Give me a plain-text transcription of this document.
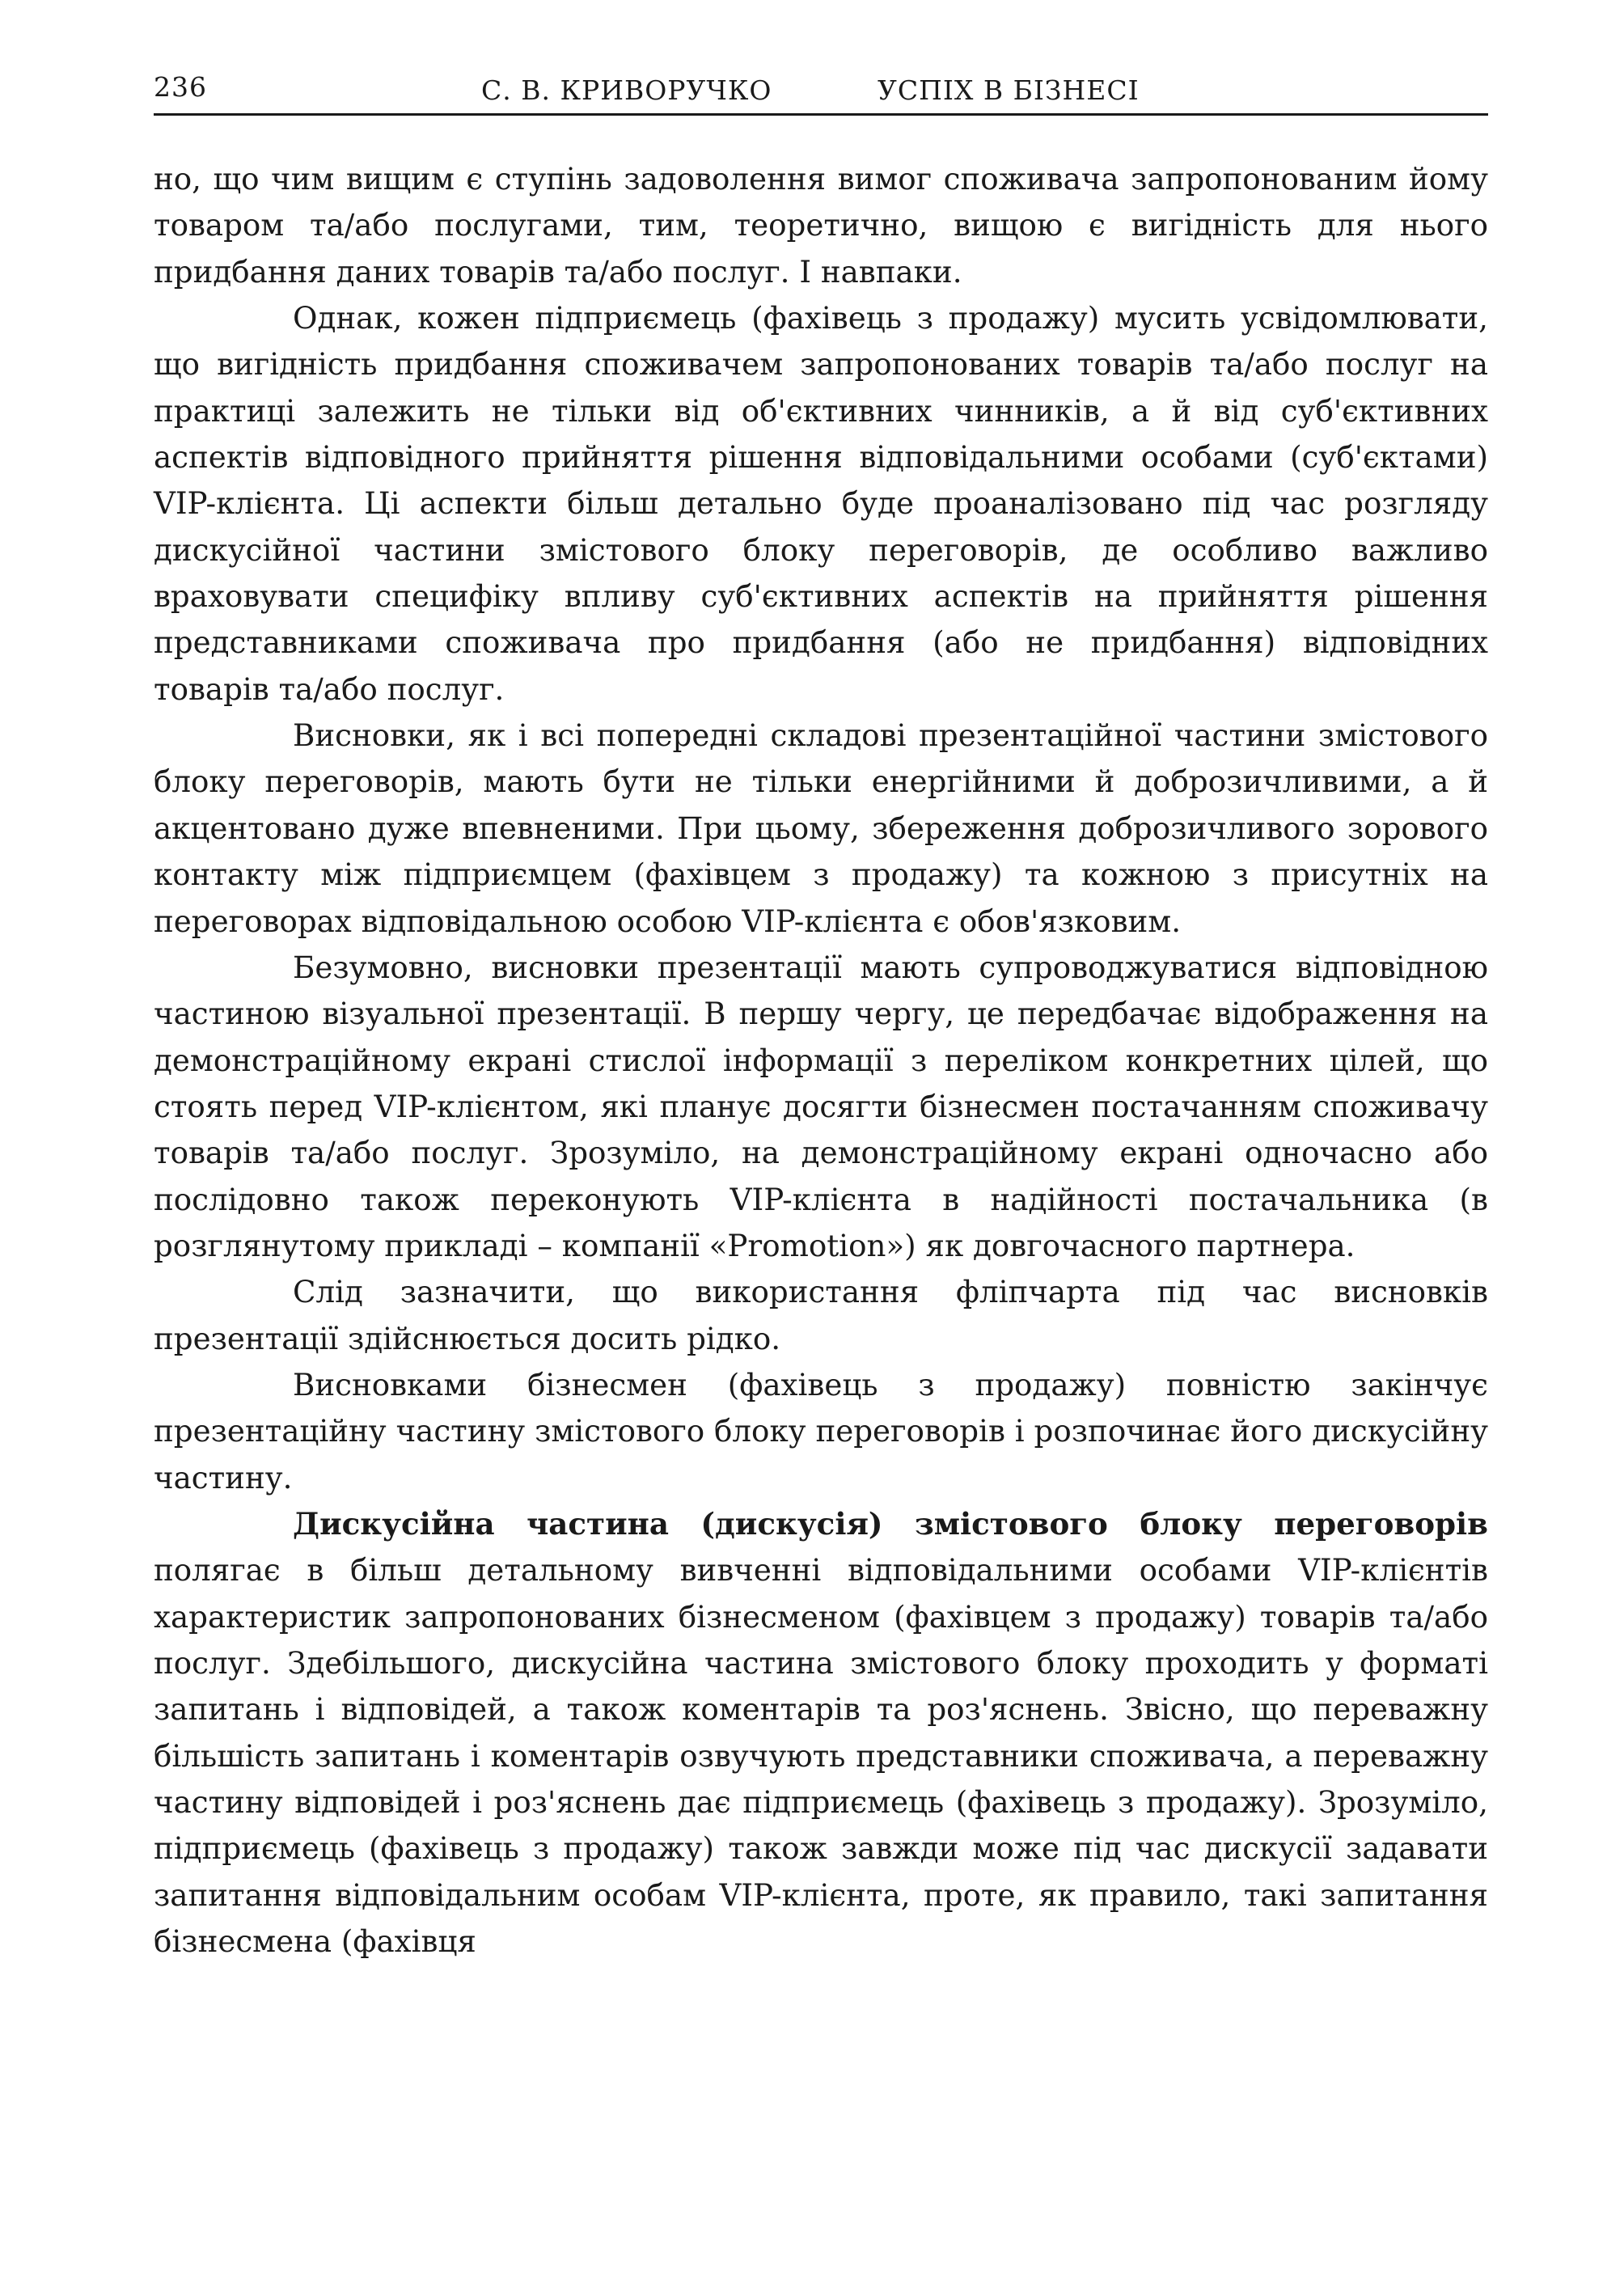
236	С. В. КРИВОРУЧКО	УСПІХ В БІЗНЕСІ

но, що чим вищим є ступінь задоволення вимог споживача запропонованим йому товаром та/або послугами, тим, теоретично, вищою є вигідність для нього придбання даних товарів та/або послуг. І навпаки.

Однак, кожен підприємець (фахівець з продажу) мусить усвідомлювати, що вигідність придбання споживачем запропонованих товарів та/або послуг на практиці залежить не тільки від об'єктивних чинників, а й від суб'єктивних аспектів відповідного прийняття рішення відповідальними особами (суб'єктами) VIP-клієнта. Ці аспекти більш детально буде проаналізовано під час розгляду дискусійної частини змістового блоку переговорів, де особливо важливо враховувати специфіку впливу суб'єктивних аспектів на прийняття рішення представниками споживача про придбання (або не придбання) відповідних товарів та/або послуг.

Висновки, як і всі попередні складові презентаційної частини змістового блоку переговорів, мають бути не тільки енергійними й доброзичливими, а й акцентовано дуже впевненими. При цьому, збереження доброзичливого зорового контакту між підприємцем (фахівцем з продажу) та кожною з присутніх на переговорах відповідальною особою VIP-клієнта є обов'язковим.

Безумовно, висновки презентації мають супроводжуватися відповідною частиною візуальної презентації. В першу чергу, це передбачає відображення на демонстраційному екрані стислої інформації з переліком конкретних цілей, що стоять перед VIP-клієнтом, які планує досягти бізнесмен постачанням споживачу товарів та/або послуг. Зрозуміло, на демонстраційному екрані одночасно або послідовно також переконують VIP-клієнта в надійності постачальника (в розглянутому прикладі – компанії «Promotion») як довгочасного партнера.

Слід зазначити, що використання фліпчарта під час висновків презентації здійснюється досить рідко.

Висновками бізнесмен (фахівець з продажу) повністю закінчує презентаційну частину змістового блоку переговорів і розпочинає його дискусійну частину.

Дискусійна частина (дискусія) змістового блоку переговорів полягає в більш детальному вивченні відповідальними особами VIP-клієнтів характеристик запропонованих бізнесменом (фахівцем з продажу) товарів та/або послуг. Здебільшого, дискусійна частина змістового блоку проходить у форматі запитань і відповідей, а також коментарів та роз'яснень. Звісно, що переважну більшість запитань і коментарів озвучують представники споживача, а переважну частину відповідей і роз'яснень дає підприємець (фахівець з продажу). Зрозуміло, підприємець (фахівець з продажу) також завжди може під час дискусії задавати запитання відповідальним особам VIP-клієнта, проте, як правило, такі запитання бізнесмена (фахівця
